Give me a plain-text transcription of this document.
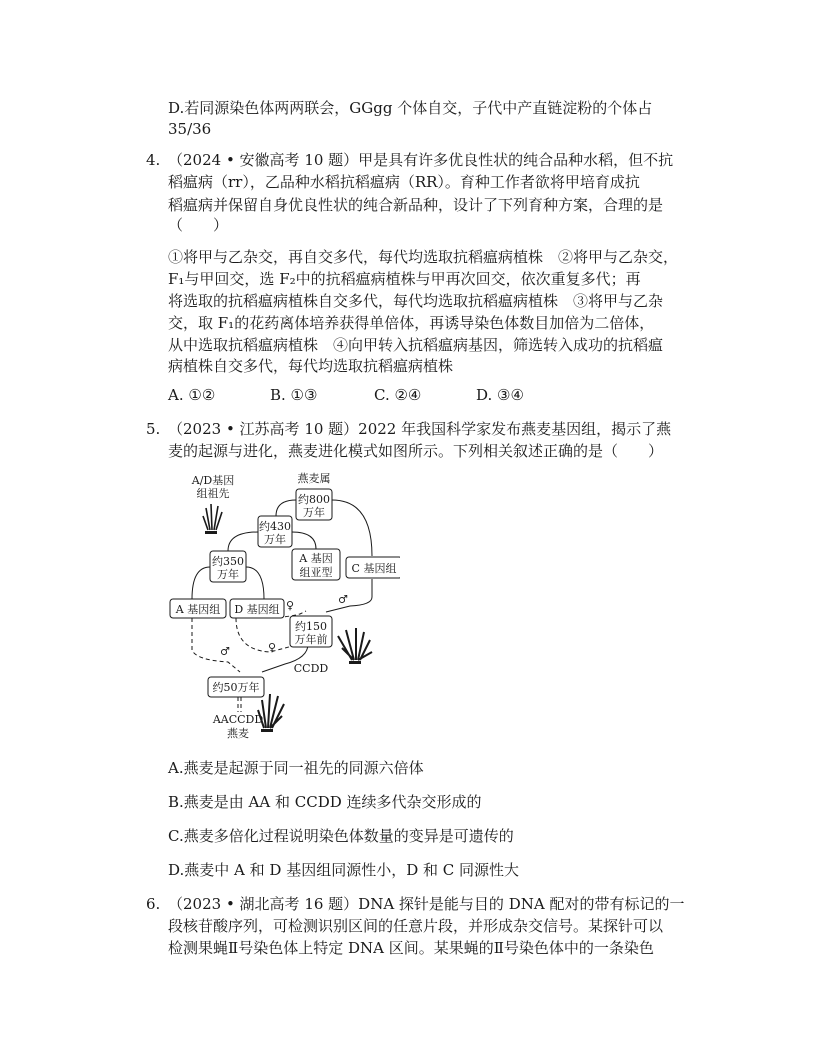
D.若同源染色体两两联会，GGgg 个体自交，子代中产直链淀粉的个体占
35/36
4. （2024 • 安徽高考 10 题）甲是具有许多优良性状的纯合品种水稻，但不抗
稻瘟病（rr），乙品种水稻抗稻瘟病（RR）。育种工作者欲将甲培育成抗
稻瘟病并保留自身优良性状的纯合新品种，设计了下列育种方案，合理的是
（　　）
①将甲与乙杂交，再自交多代，每代均选取抗稻瘟病植株　②将甲与乙杂交，
F₁与甲回交，选 F₂中的抗稻瘟病植株与甲再次回交，依次重复多代；再
将选取的抗稻瘟病植株自交多代，每代均选取抗稻瘟病植株　③将甲与乙杂
交，取 F₁的花药离体培养获得单倍体，再诱导染色体数目加倍为二倍体，
从中选取抗稻瘟病植株　④向甲转入抗稻瘟病基因，筛选转入成功的抗稻瘟
病植株自交多代，每代均选取抗稻瘟病植株
A. ①②	B. ①③	C. ②④	D. ③④
5. （2023 • 江苏高考 10 题）2022 年我国科学家发布燕麦基因组，揭示了燕
麦的起源与进化，燕麦进化模式如图所示。下列相关叙述正确的是（　　）
约800
万年
约430
万年
约350
万年
A 基因
组亚型 C 基因组
A 基因组 D 基因组
约150
万年前
约50万年
A/D基因
组祖先
燕麦属
CCDD
AACCDD
燕麦
♀	♂
♂	♀
A.燕麦是起源于同一祖先的同源六倍体
B.燕麦是由 AA 和 CCDD 连续多代杂交形成的
C.燕麦多倍化过程说明染色体数量的变异是可遗传的
D.燕麦中 A 和 D 基因组同源性小，D 和 C 同源性大
6. （2023 • 湖北高考 16 题）DNA 探针是能与目的 DNA 配对的带有标记的一
段核苷酸序列，可检测识别区间的任意片段，并形成杂交信号。某探针可以
检测果蝇Ⅱ号染色体上特定 DNA 区间。某果蝇的Ⅱ号染色体中的一条染色
